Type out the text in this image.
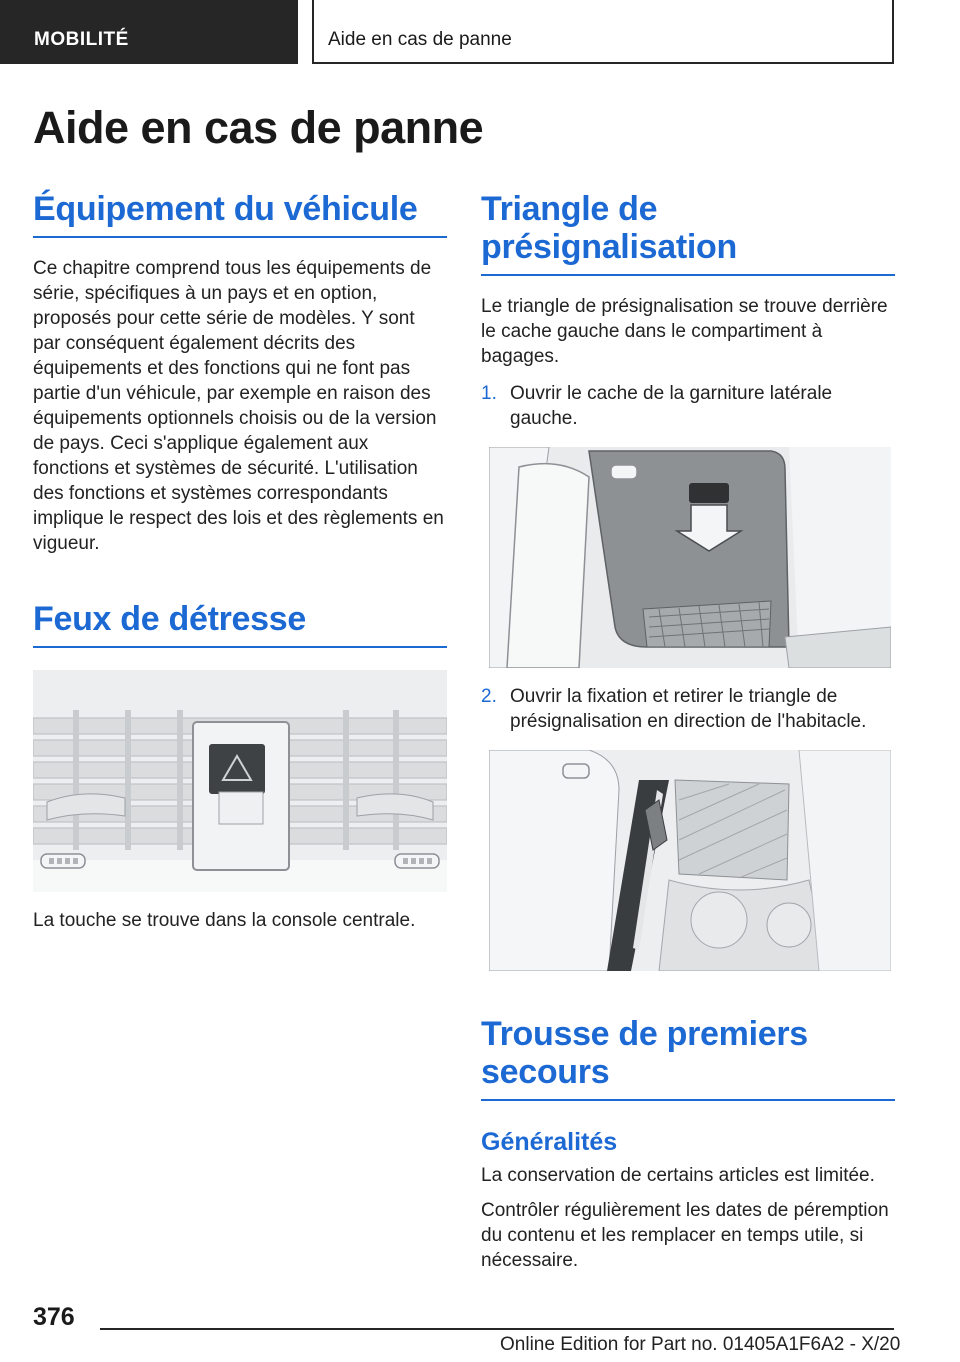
MOBILITÉ	Aide en cas de panne
Aide en cas de panne
Équipement du véhicule

Ce chapitre comprend tous les équipements de série, spécifiques à un pays et en option, proposés pour cette série de modèles. Y sont par conséquent également décrits des équipements et des fonctions qui ne font pas partie d'un véhicule, par exemple en raison des équipements optionnels choisis ou de la version de pays. Ceci s'applique également aux fonctions et systèmes de sécurité. L'utilisation des fonctions et systèmes correspondants implique le respect des lois et des règlements en vigueur.

Feux de détresse

La touche se trouve dans la console centrale.

Triangle de présignalisation

Le triangle de présignalisation se trouve derrière le cache gauche dans le compartiment à bagages.

1. Ouvrir le cache de la garniture latérale gauche.
2. Ouvrir la fixation et retirer le triangle de présignalisation en direction de l'habitacle.
Trousse de premiers secours
Généralités

La conservation de certains articles est limitée.

Contrôler régulièrement les dates de péremption du contenu et les remplacer en temps utile, si nécessaire.

376
Online Edition for Part no. 01405A1F6A2 - X/20
